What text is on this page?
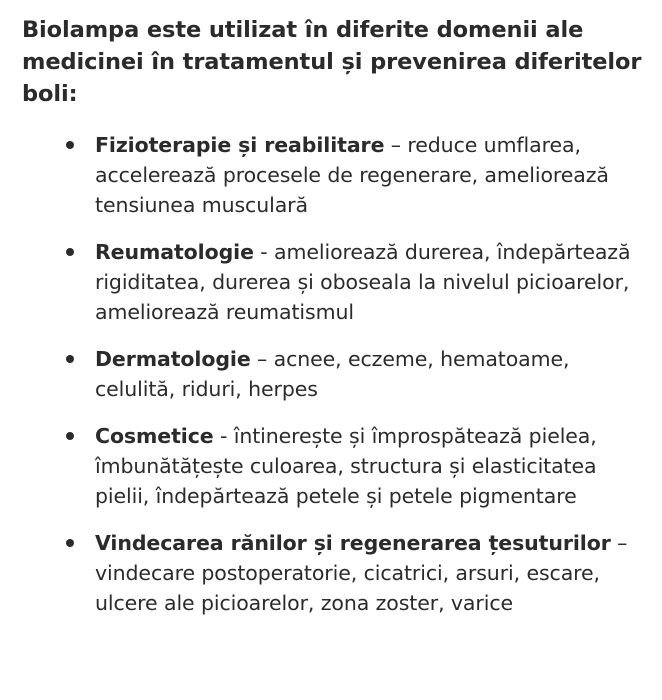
Biolampa este utilizat în diferite domenii ale medicinei în tratamentul și prevenirea diferitelor boli:

Fizioterapie și reabilitare – reduce umflarea, accelerează procesele de regenerare, ameliorează tensiunea musculară
Reumatologie - ameliorează durerea, îndepărtează rigiditatea, durerea și oboseala la nivelul picioarelor, ameliorează reumatismul
Dermatologie – acnee, eczeme, hematoame, celulită, riduri, herpes
Cosmetice - întinerește și împrospătează pielea, îmbunătățește culoarea, structura și elasticitatea pielii, îndepărtează petele și petele pigmentare
Vindecarea rănilor și regenerarea țesuturilor – vindecare postoperatorie, cicatrici, arsuri, escare, ulcere ale picioarelor, zona zoster, varice
